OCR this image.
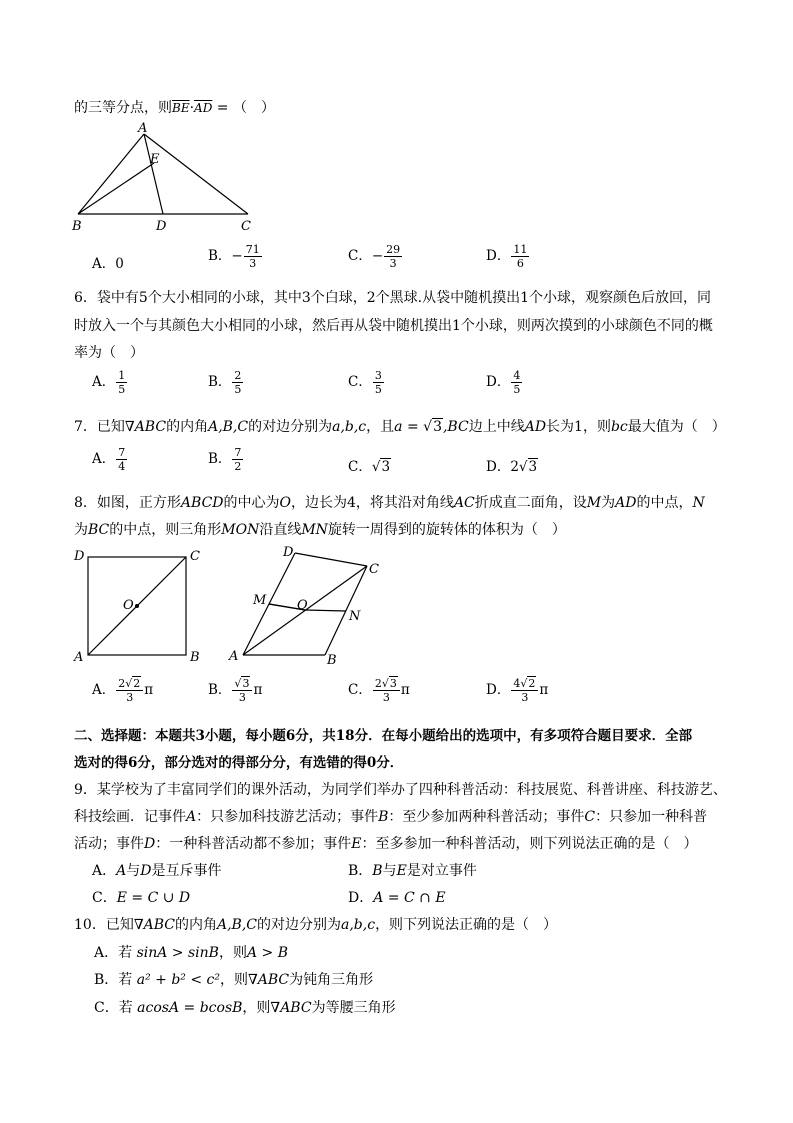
的三等分点，则$\overline{BE}\cdot\overline{AD}$ = （　）
A
E
B	D	C
A．0	B．− $\frac{71}{3}$	C．− $\frac{29}{3}$	D． $\frac{11}{6}$
6．袋中有5个大小相同的小球，其中3个白球，2个黑球.从袋中随机摸出1个小球，观察颜色后放回，同
时放入一个与其颜色大小相同的小球，然后再从袋中随机摸出1个小球，则两次摸到的小球颜色不同的概
率为（　）
A． $\frac{1}{5}$	B． $\frac{2}{5}$	C． $\frac{3}{5}$	D． $\frac{4}{5}$
7．已知∇ABC的内角A,B,C的对边分别为a,b,c，且a = √3,BC边上中线AD长为1，则bc最大值为（　）
A． $\frac{7}{4}$	B． $\frac{7}{2}$	C．√3	D．2√3
8．如图，正方形ABCD的中心为O，边长为4，将其沿对角线AC折成直二面角，设M为AD的中点，N
为BC的中点，则三角形MON沿直线MN旋转一周得到的旋转体的体积为（　）
D	C
O
A	B
D
C
M O
N
A	B
A． $\frac{2√2}{3}$ π	B． $\frac{√3}{3}$ π	C． $\frac{2√3}{3}$ π	D． $\frac{4√2}{3}$ π
二、选择题：本题共3小题，每小题6分，共18分．在每小题给出的选项中，有多项符合题目要求．全部
选对的得6分，部分选对的得部分分，有选错的得0分．
9．某学校为了丰富同学们的课外活动，为同学们举办了四种科普活动：科技展览、科普讲座、科技游艺、
科技绘画．记事件A：只参加科技游艺活动；事件B：至少参加两种科普活动；事件C：只参加一种科普
活动；事件D：一种科普活动都不参加；事件E：至多参加一种科普活动，则下列说法正确的是（　）
A．A与D是互斥事件	B．B与E是对立事件
C．E = C ∪ D	D．A = C ∩ E
10．已知∇ABC的内角A,B,C的对边分别为a,b,c，则下列说法正确的是（　）
A．若 sinA > sinB，则A > B
B．若 a² + b² < c²，则∇ABC为钝角三角形
C．若 acosA = bcosB，则∇ABC为等腰三角形
